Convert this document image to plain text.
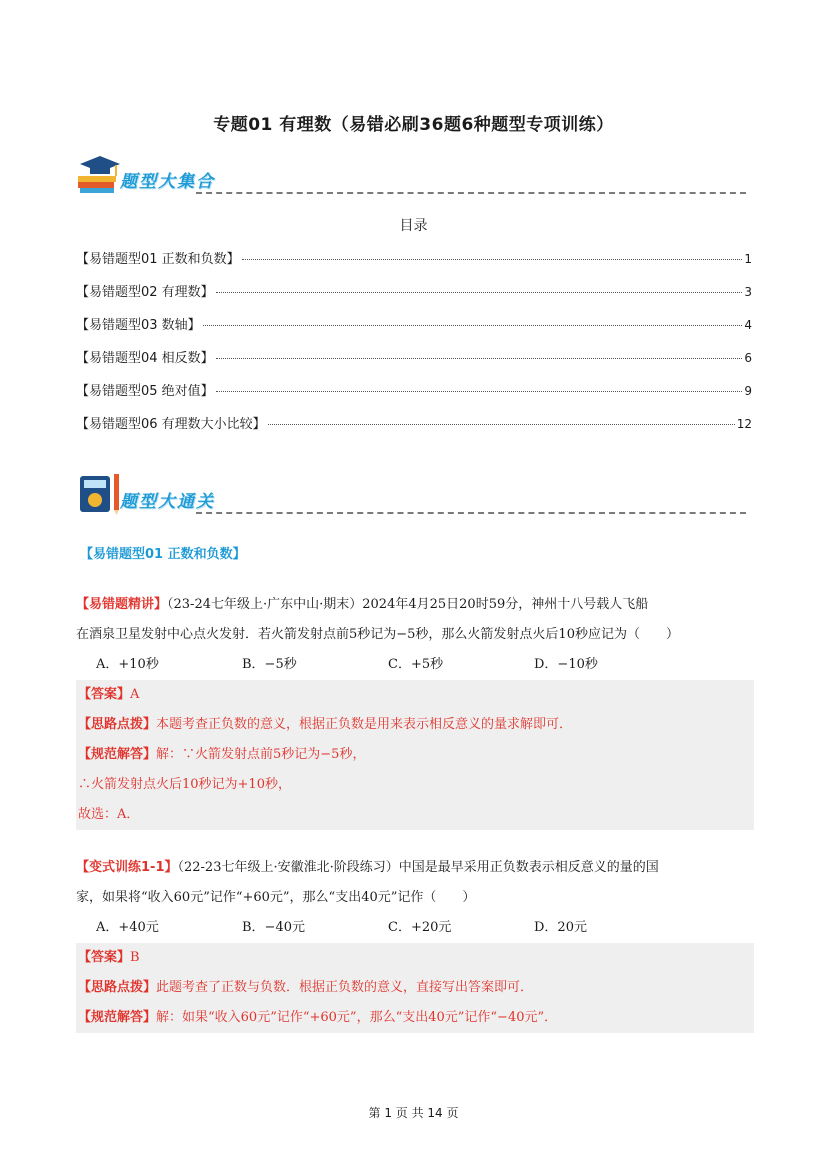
专题01 有理数（易错必刷36题6种题型专项训练）
题型大集合
目录
【易错题型01 正数和负数】	1
【易错题型02 有理数】	3
【易错题型03 数轴】	4
【易错题型04 相反数】	6
【易错题型05 绝对值】	9
【易错题型06 有理数大小比较】	12
题型大通关
【易错题型01 正数和负数】
【易错题精讲】（23-24七年级上·广东中山·期末）2024年4月25日20时59分，神州十八号载人飞船
在酒泉卫星发射中心点火发射．若火箭发射点前5秒记为−5秒，那么火箭发射点火后10秒应记为（　　）
A．+10秒	B．−5秒	C．+5秒	D．−10秒
【答案】A
【思路点拨】本题考查正负数的意义，根据正负数是用来表示相反意义的量求解即可．
【规范解答】解：∵火箭发射点前5秒记为−5秒，
∴火箭发射点火后10秒记为+10秒，
故选：A．
【变式训练1-1】（22-23七年级上·安徽淮北·阶段练习）中国是最早采用正负数表示相反意义的量的国
家，如果将“收入60元”记作“+60元”，那么“支出40元”记作（　　）
A．+40元	B．−40元	C．+20元	D．20元
【答案】B
【思路点拨】此题考查了正数与负数．根据正负数的意义，直接写出答案即可．
【规范解答】解：如果“收入60元”记作“+60元”，那么“支出40元”记作“−40元”．
第 1 页 共 14 页
